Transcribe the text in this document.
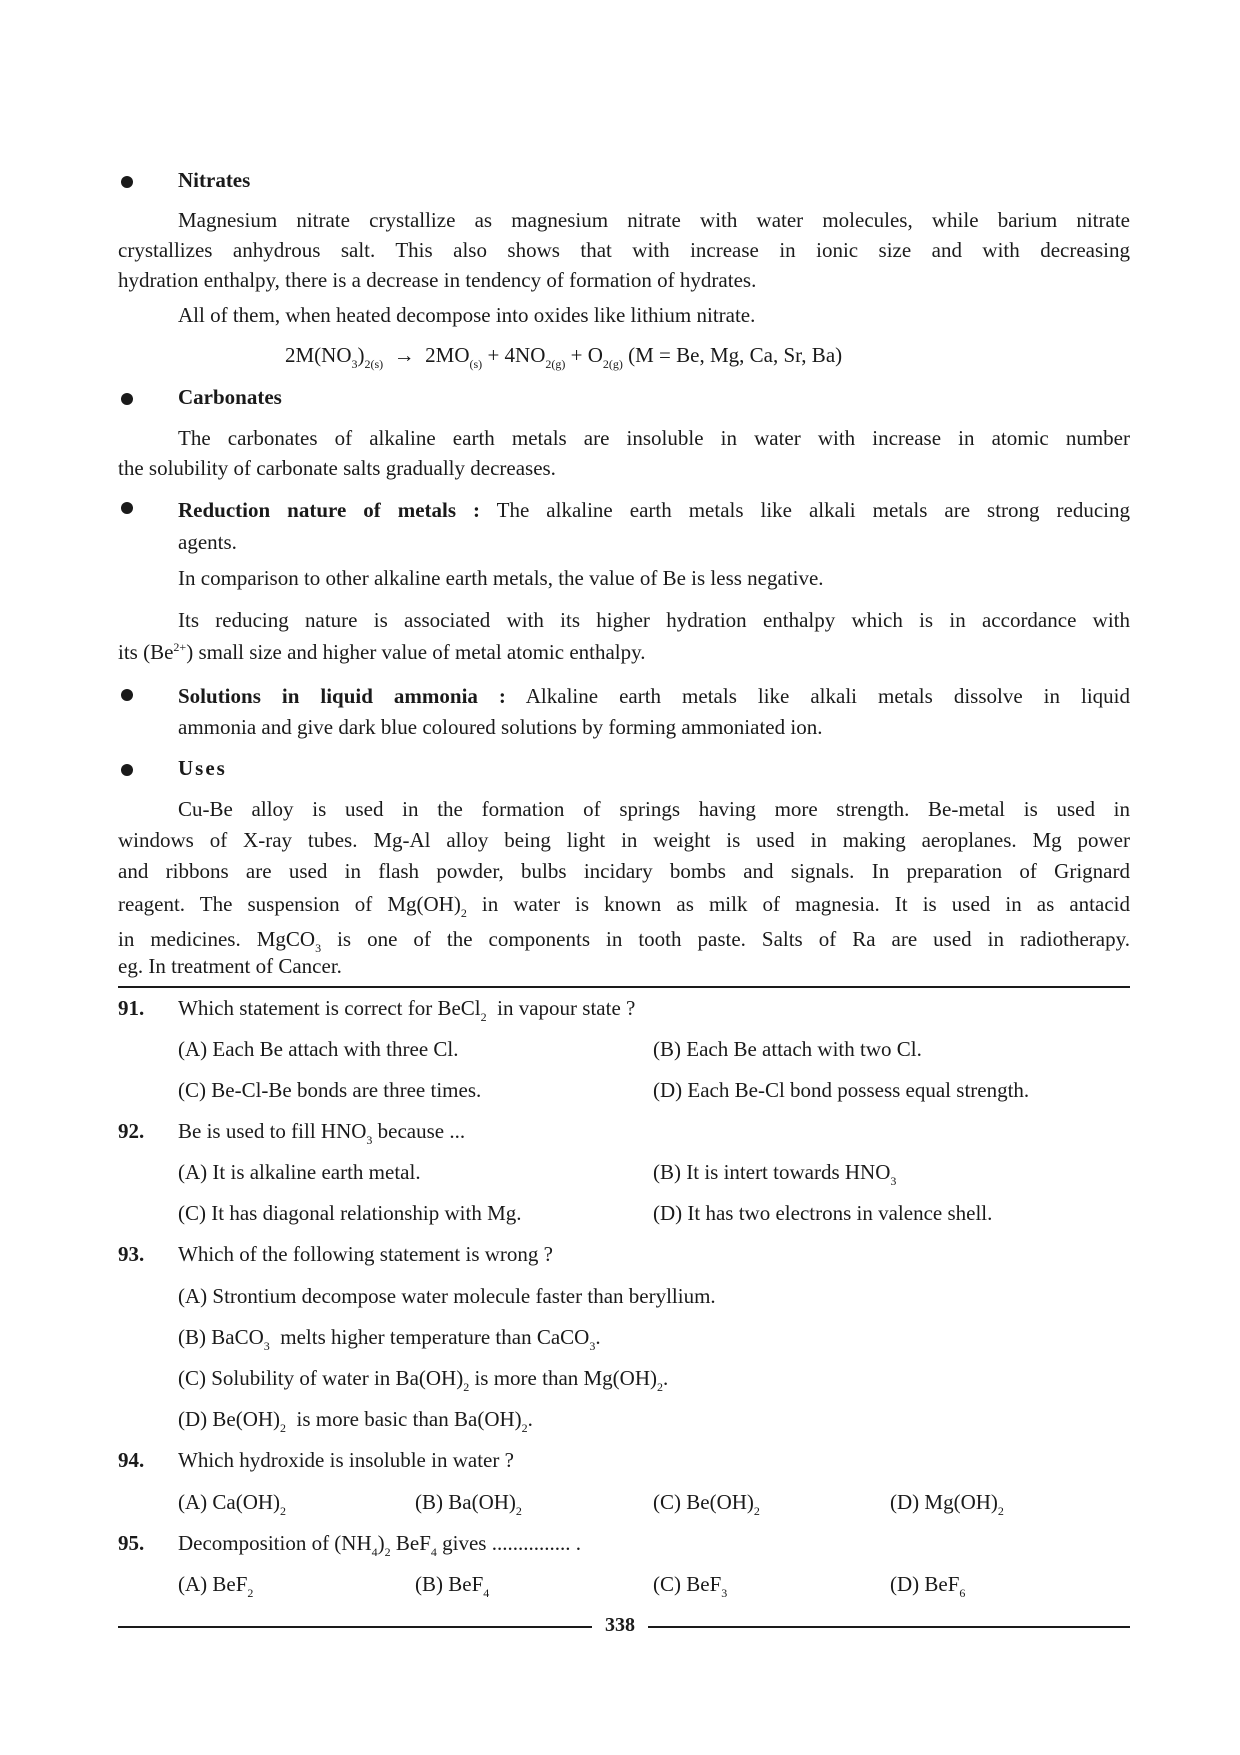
Nitrates
Magnesium nitrate crystallize as magnesium nitrate with water molecules, while barium nitrate
crystallizes anhydrous salt. This also shows that with increase in ionic size and with decreasing
hydration enthalpy, there is a decrease in tendency of formation of hydrates.
All of them, when heated decompose into oxides like lithium nitrate.
$2M(NO_3)_{2(s)} \to 2MO_{(s)} + 4NO_{2(g)} + O_{2(g)}$ (M = Be, Mg, Ca, Sr, Ba)
Carbonates
The carbonates of alkaline earth metals are insoluble in water with increase in atomic number
the solubility of carbonate salts gradually decreases.
Reduction nature of metals : The alkaline earth metals like alkali metals are strong reducing
agents.
In comparison to other alkaline earth metals, the value of Be is less negative.
Its reducing nature is associated with its higher hydration enthalpy which is in accordance with
its $(Be^{2+})$ small size and higher value of metal atomic enthalpy.
Solutions in liquid ammonia : Alkaline earth metals like alkali metals dissolve in liquid
ammonia and give dark blue coloured solutions by forming ammoniated ion.
Uses
Cu-Be alloy is used in the formation of springs having more strength. Be-metal is used in
windows of X-ray tubes. Mg-Al alloy being light in weight is used in making aeroplanes. Mg power
and ribbons are used in flash powder, bulbs incidary bombs and signals. In preparation of Grignard
reagent. The suspension of $Mg(OH)_2$ in water is known as milk of magnesia. It is used in as antacid
in medicines. MgCO$_3$ is one of the components in tooth paste. Salts of Ra are used in radiotherapy.
eg. In treatment of Cancer.
91. Which statement is correct for BeCl$_2$ in vapour state ?
(A) Each Be attach with three Cl.	(B) Each Be attach with two Cl.
(C) Be-Cl-Be bonds are three times.	(D) Each Be-Cl bond possess equal strength.
92. Be is used to fill $HNO_3$ because ...
(A) It is alkaline earth metal.	(B) It is intert towards $HNO_3$
(C) It has diagonal relationship with Mg.	(D) It has two electrons in valence shell.
93. Which of the following statement is wrong ?
(A) Strontium decompose water molecule faster than beryllium.
(B) BaCO$_3$ melts higher temperature than CaCO$_3$.
(C) Solubility of water in $Ba(OH)_2$ is more than $Mg(OH)_2$.
(D) $Be(OH)_2$ is more basic than $Ba(OH)_2$.
94. Which hydroxide is insoluble in water ?
(A) $Ca(OH)_2$	(B) $Ba(OH)_2$	(C) $Be(OH)_2$	(D) $Mg(OH)_2$
95. Decomposition of $(NH_4)_2$ BeF$_4$ gives ............... .
(A) BeF$_2$	(B) BeF$_4$	(C) BeF$_3$	(D) BeF$_6$
338
